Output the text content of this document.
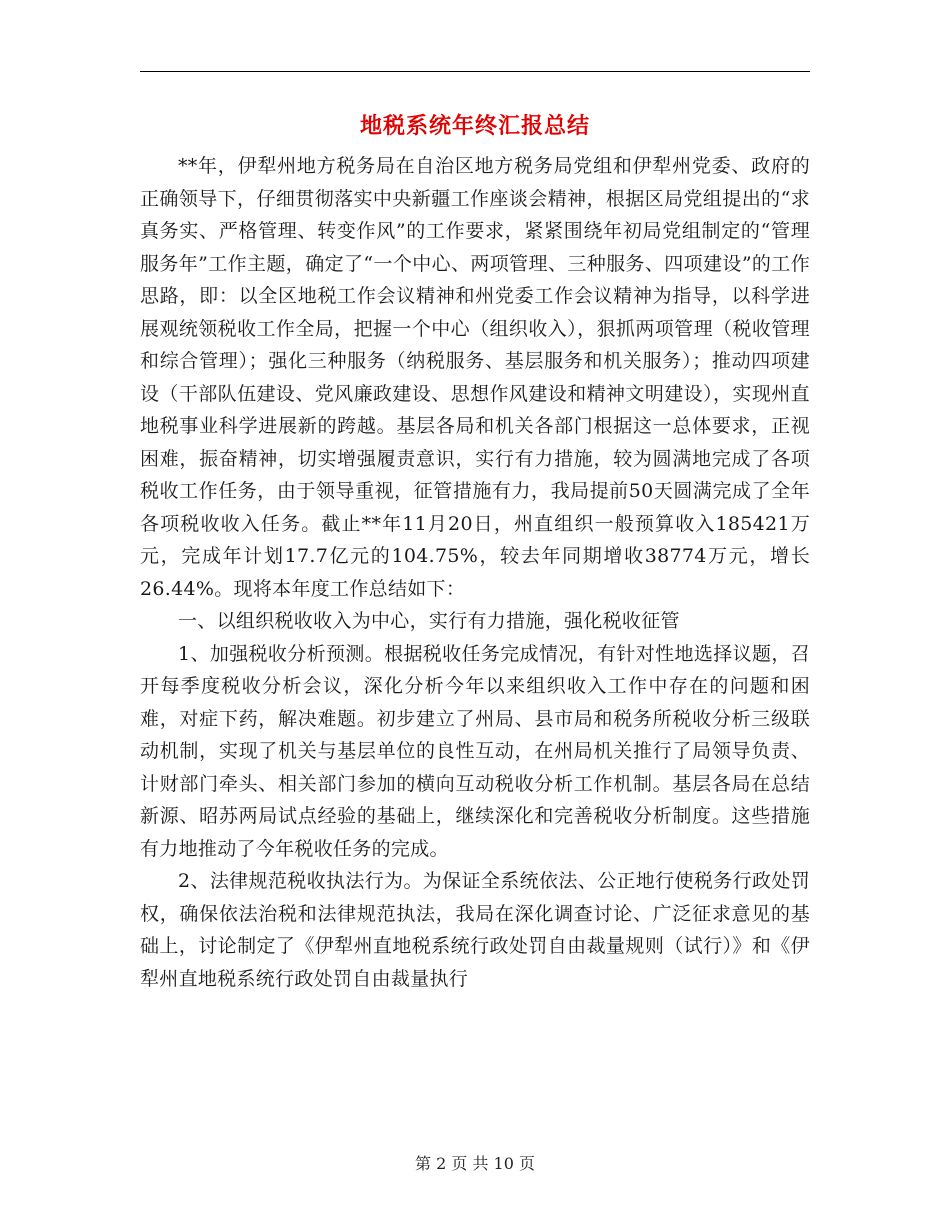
地税系统年终汇报总结

**年，伊犁州地方税务局在自治区地方税务局党组和伊犁州党委、政府的正确领导下，仔细贯彻落实中央新疆工作座谈会精神，根据区局党组提出的“求真务实、严格管理、转变作风”的工作要求，紧紧围绕年初局党组制定的“管理服务年”工作主题，确定了“一个中心、两项管理、三种服务、四项建设”的工作思路，即：以全区地税工作会议精神和州党委工作会议精神为指导，以科学进展观统领税收工作全局，把握一个中心（组织收入），狠抓两项管理（税收管理和综合管理）；强化三种服务（纳税服务、基层服务和机关服务）；推动四项建设（干部队伍建设、党风廉政建设、思想作风建设和精神文明建设），实现州直地税事业科学进展新的跨越。基层各局和机关各部门根据这一总体要求，正视困难，振奋精神，切实增强履责意识，实行有力措施，较为圆满地完成了各项税收工作任务，由于领导重视，征管措施有力，我局提前50天圆满完成了全年各项税收收入任务。截止**年11月20日，州直组织一般预算收入185421万元，完成年计划17.7亿元的104.75%，较去年同期增收38774万元，增长26.44%。现将本年度工作总结如下：

一、以组织税收收入为中心，实行有力措施，强化税收征管

1、加强税收分析预测。根据税收任务完成情况，有针对性地选择议题，召开每季度税收分析会议，深化分析今年以来组织收入工作中存在的问题和困难，对症下药，解决难题。初步建立了州局、县市局和税务所税收分析三级联动机制，实现了机关与基层单位的良性互动，在州局机关推行了局领导负责、计财部门牵头、相关部门参加的横向互动税收分析工作机制。基层各局在总结新源、昭苏两局试点经验的基础上，继续深化和完善税收分析制度。这些措施有力地推动了今年税收任务的完成。

2、法律规范税收执法行为。为保证全系统依法、公正地行使税务行政处罚权，确保依法治税和法律规范执法，我局在深化调查讨论、广泛征求意见的基础上，讨论制定了《伊犁州直地税系统行政处罚自由裁量规则（试行）》和《伊犁州直地税系统行政处罚自由裁量执行

第 2 页 共 10 页
